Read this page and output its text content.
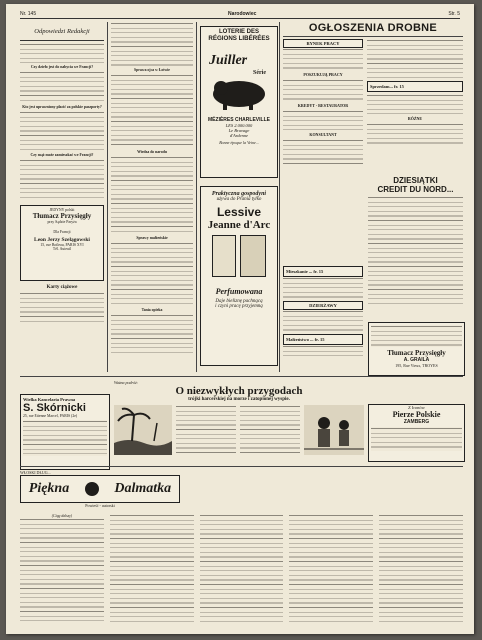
Nr. 145	Narodowiec	Str. 5
Odpowiedzi Redakcji
Czy dzieło jest do nabycia we Francji?
Kto jest uprawniony płacić za polskie paszporty?
Czy mąż może zamieszkać we Francji?
JEDYNY polski
Tłumacz Przysięgły
przy Sądzie Paryża
Dla Francji
Leon Jerzy Szelągowski
15, rue Boileau, PARIS XVI
Tél. Auteuil
Karty ciążowe
Sprawa ojca w Łotwie
Wiedza do narodu
Sprawy małżeńskie
Tania opieka
LOTERIE DES
RÉGIONS LIBÉRÉES
Juiller
Série
MÉZIÈRES CHARLEVILLE
LES 2.000.000
Le Bravage
d'Ardenne
Bonne époque la Veine...
Praktyczna gospodyni
używa do Prania tylko
Lessive
Jeanne d'Arc
Perfumowana
Daje bieliznę pachnącą
i czyni pracę przyjemną
OGŁOSZENIA DROBNE
RYNEK PRACY
POSZUKUJĄ PRACY
KREDYT - RESTAURATOR
KONSULTANT
Sprzedam... fr. 15
RÓŻNE
Mieszkanie ... fr. 15
DZIERŻAWY
Małżeństwo ... fr. 15
DZIESIĄTKI
CREDIT DU NORD...
Tłumacz Przysięgły
A. GRAILA
195, Rue Vieux, TROYES
Wielka Kancelaria Prawna
S. Skórnicki
25, rue Etienne Marcel, PARIS (2e)
Ważna podróż:
O niezwykłych przygodach
trójki harcerskiej na morze i zatopionej wyspie.
Z Ironów
Pierze Polskie
ZAMBERG
WŁOSKI DŁUG...
Piękna	Dalmatka
Powieść - autorski
(Ciąg dalszy)
